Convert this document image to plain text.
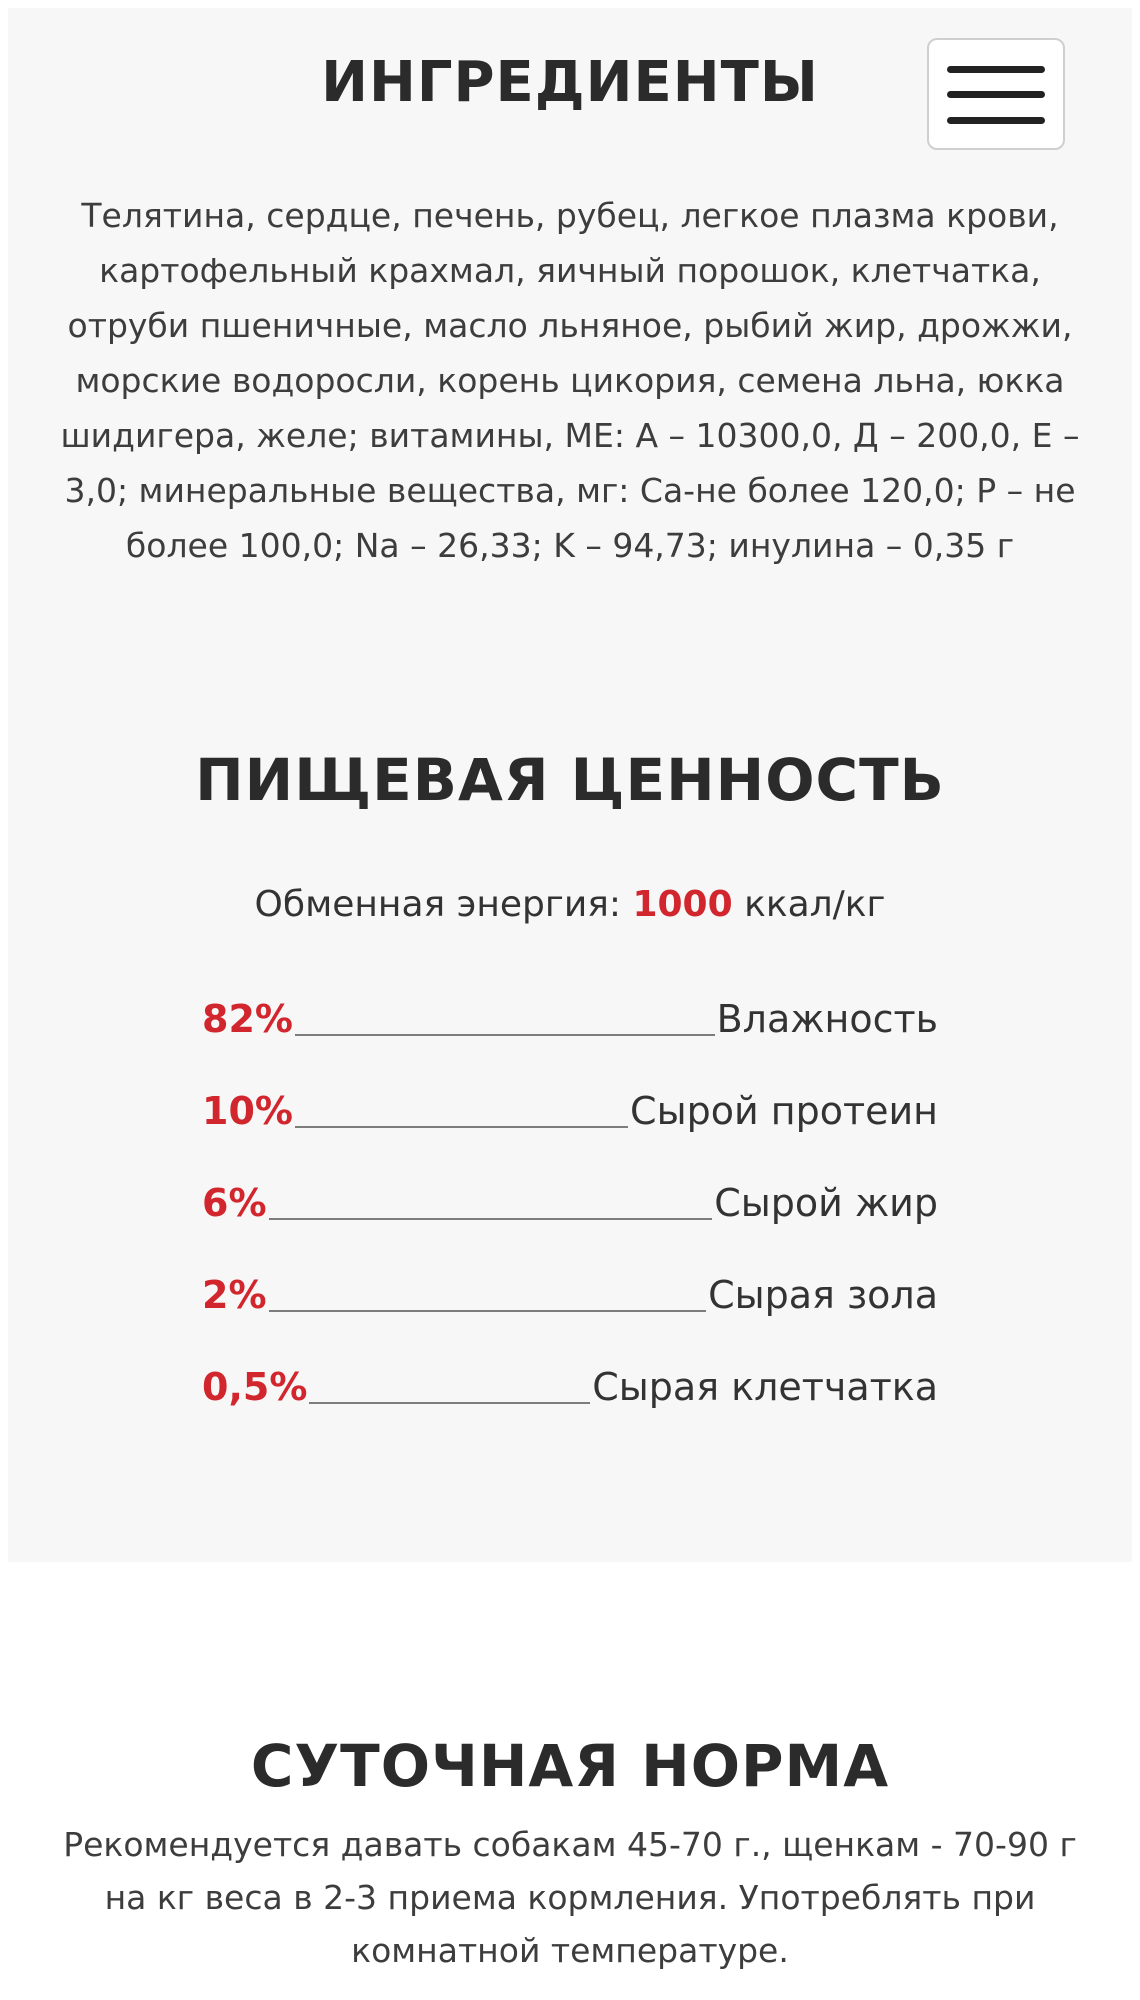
ИНГРЕДИЕНТЫ

Телятина, сердце, печень, рубец, легкое плазма крови, картофельный крахмал, яичный порошок, клетчатка, отруби пшеничные, масло льняное, рыбий жир, дрожжи, морские водоросли, корень цикория, семена льна, юкка шидигера, желе; витамины, МЕ: А – 10300,0, Д – 200,0, Е – 3,0; минеральные вещества, мг: Са-не более 120,0; Р – не более 100,0; Na – 26,33; K – 94,73; инулина – 0,35 г

ПИЩЕВАЯ ЦЕННОСТЬ
Обменная энергия: 1000 ккал/кг
82%	Влажность
10%	Сырой протеин
6%	Сырой жир
2%	Сырая зола
0,5%	Сырая клетчатка
СУТОЧНАЯ НОРМА

Рекомендуется давать собакам 45-70 г., щенкам - 70-90 г на кг веса в 2-3 приема кормления. Употреблять при комнатной температуре.
